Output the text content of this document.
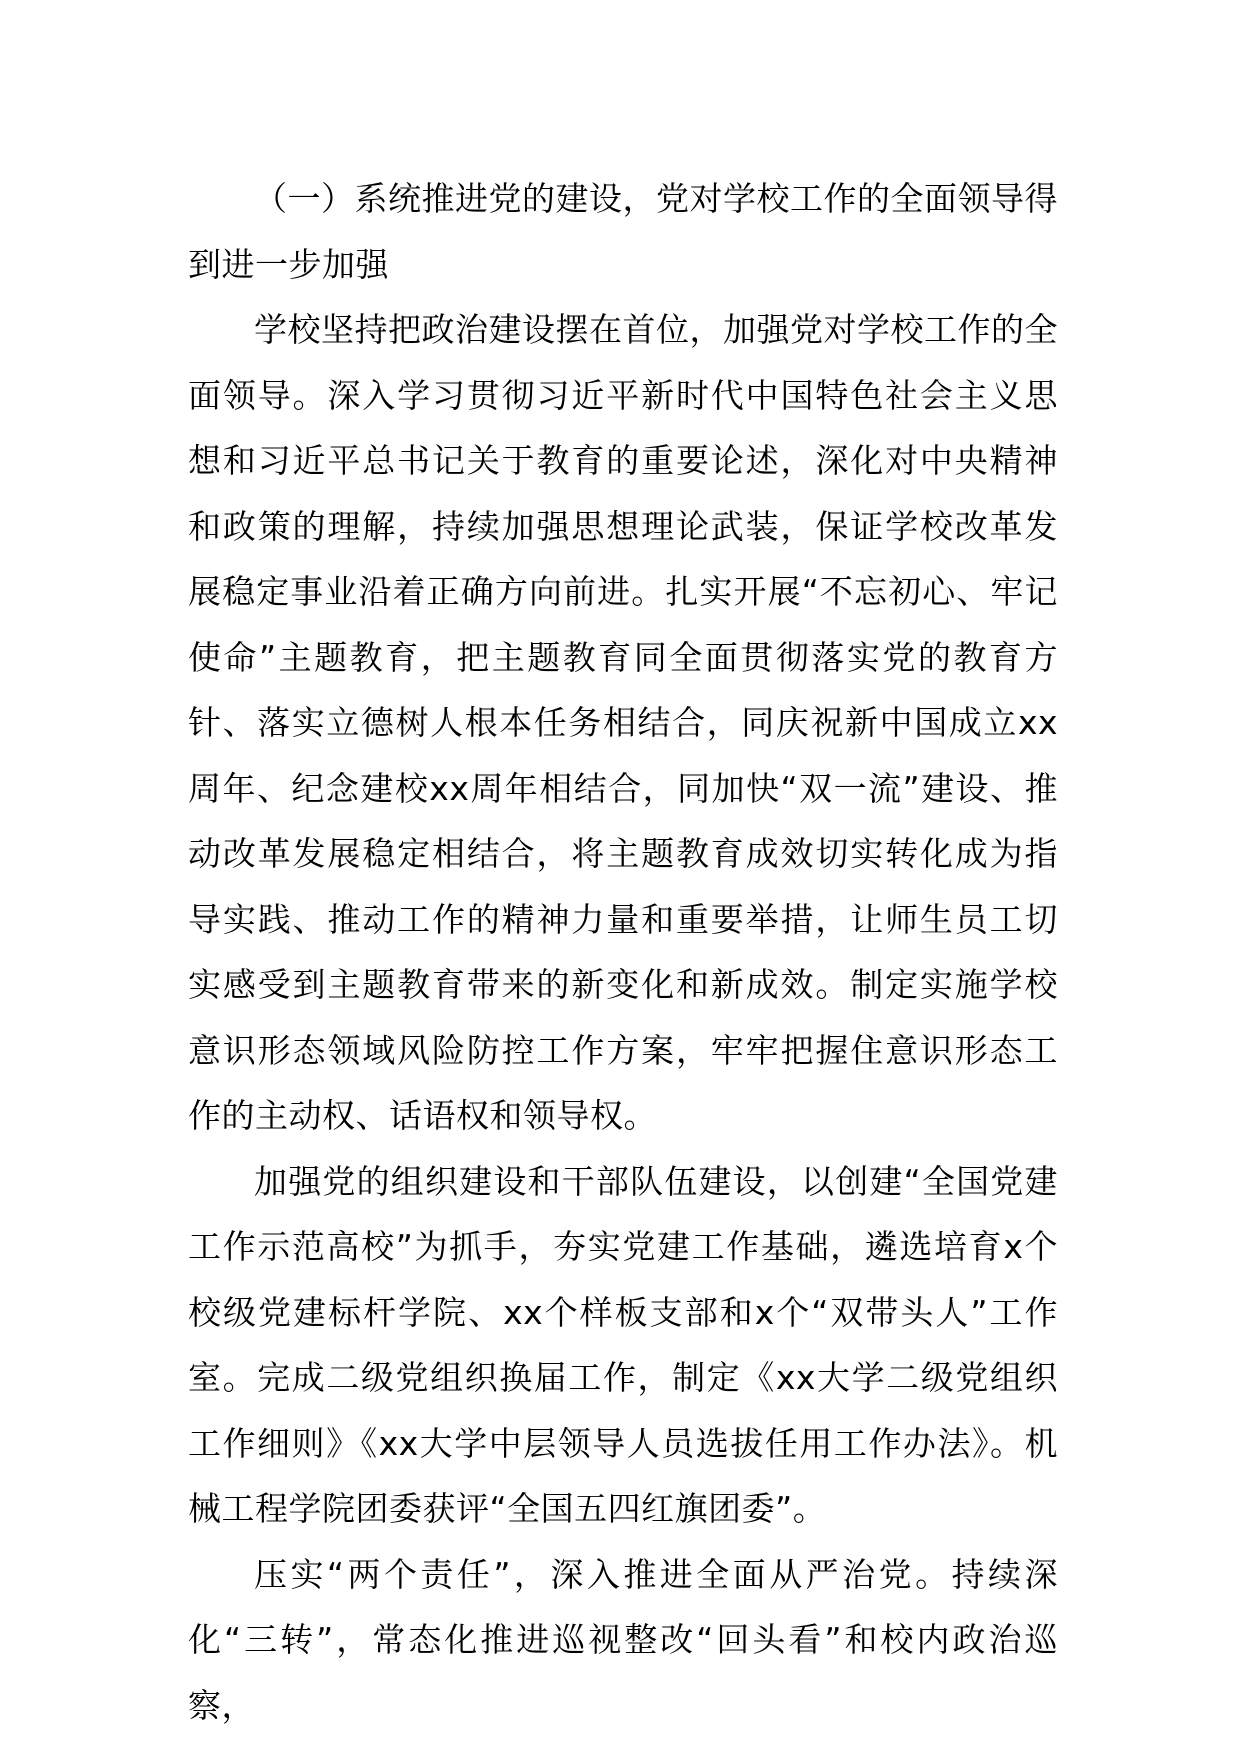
（一）系统推进党的建设，党对学校工作的全面领导得到进一步加强

学校坚持把政治建设摆在首位，加强党对学校工作的全面领导。深入学习贯彻习近平新时代中国特色社会主义思想和习近平总书记关于教育的重要论述，深化对中央精神和政策的理解，持续加强思想理论武装，保证学校改革发展稳定事业沿着正确方向前进。扎实开展“不忘初心、牢记使命”主题教育，把主题教育同全面贯彻落实党的教育方针、落实立德树人根本任务相结合，同庆祝新中国成立xx周年、纪念建校xx周年相结合，同加快“双一流”建设、推动改革发展稳定相结合，将主题教育成效切实转化成为指导实践、推动工作的精神力量和重要举措，让师生员工切实感受到主题教育带来的新变化和新成效。制定实施学校意识形态领域风险防控工作方案，牢牢把握住意识形态工作的主动权、话语权和领导权。

加强党的组织建设和干部队伍建设，以创建“全国党建工作示范高校”为抓手，夯实党建工作基础，遴选培育x个校级党建标杆学院、xx个样板支部和x个“双带头人”工作室。完成二级党组织换届工作，制定《xx大学二级党组织工作细则》《xx大学中层领导人员选拔任用工作办法》。机械工程学院团委获评“全国五四红旗团委”。

压实“两个责任”，深入推进全面从严治党。持续深化“三转”，常态化推进巡视整改“回头看”和校内政治巡察，
